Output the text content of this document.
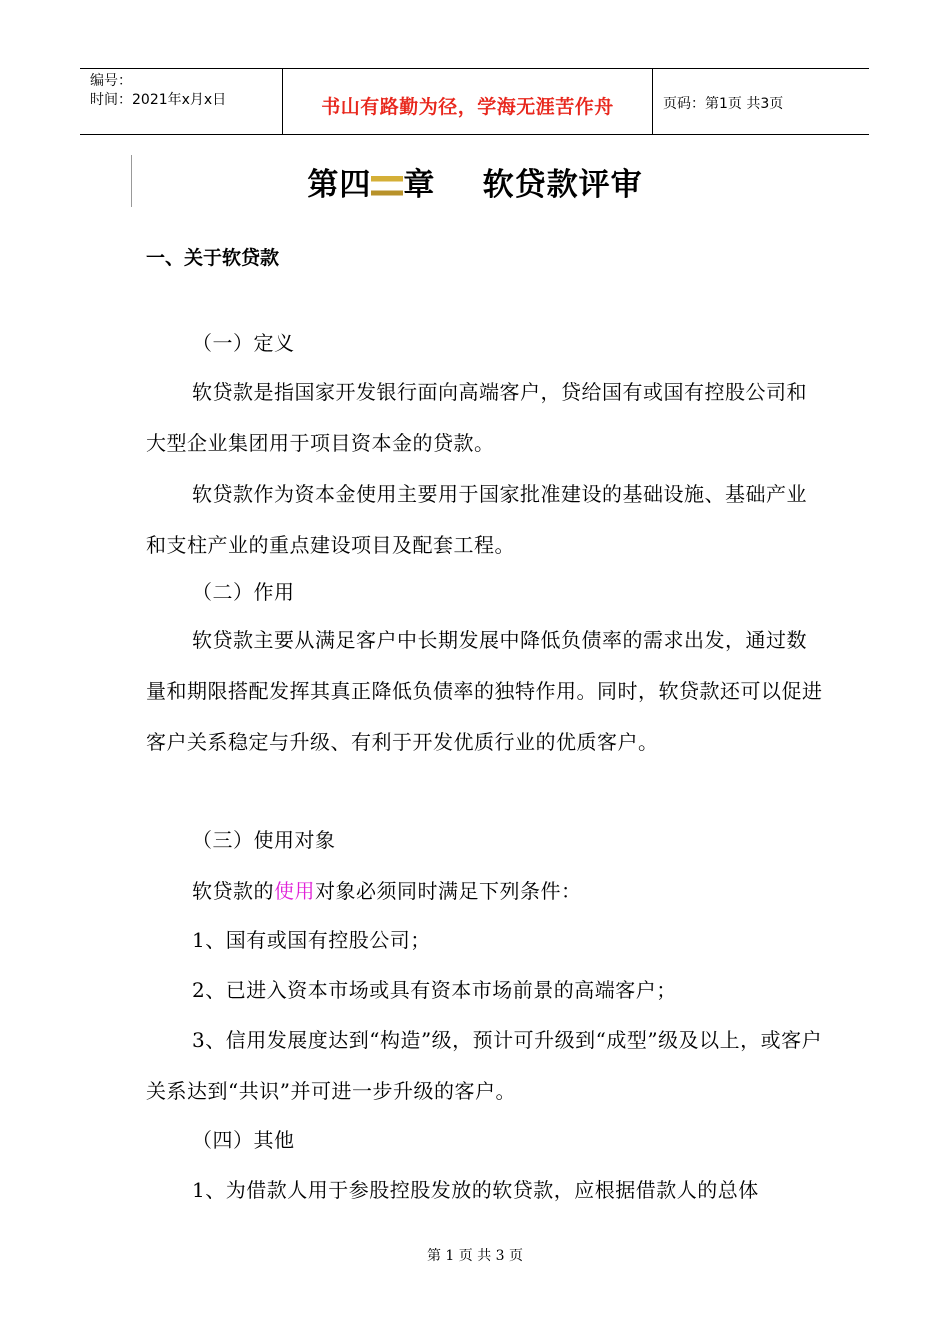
编号：
时间：2021年x月x日	书山有路勤为径，学海无涯苦作舟	页码：第1页 共3页
第四 章    软贷款评审
一、关于软贷款
（一）定义
软贷款是指国家开发银行面向高端客户，贷给国有或国有控股公司和大型企业集团用于项目资本金的贷款。
软贷款作为资本金使用主要用于国家批准建设的基础设施、基础产业和支柱产业的重点建设项目及配套工程。
（二）作用
软贷款主要从满足客户中长期发展中降低负债率的需求出发，通过数量和期限搭配发挥其真正降低负债率的独特作用。同时，软贷款还可以促进客户关系稳定与升级、有利于开发优质行业的优质客户。
（三）使用对象
软贷款的使用对象必须同时满足下列条件：
1、国有或国有控股公司；
2、已进入资本市场或具有资本市场前景的高端客户；
3、信用发展度达到“构造”级，预计可升级到“成型”级及以上，或客户关系达到“共识”并可进一步升级的客户。
（四）其他
1、为借款人用于参股控股发放的软贷款，应根据借款人的总体
第 1 页 共 3 页
